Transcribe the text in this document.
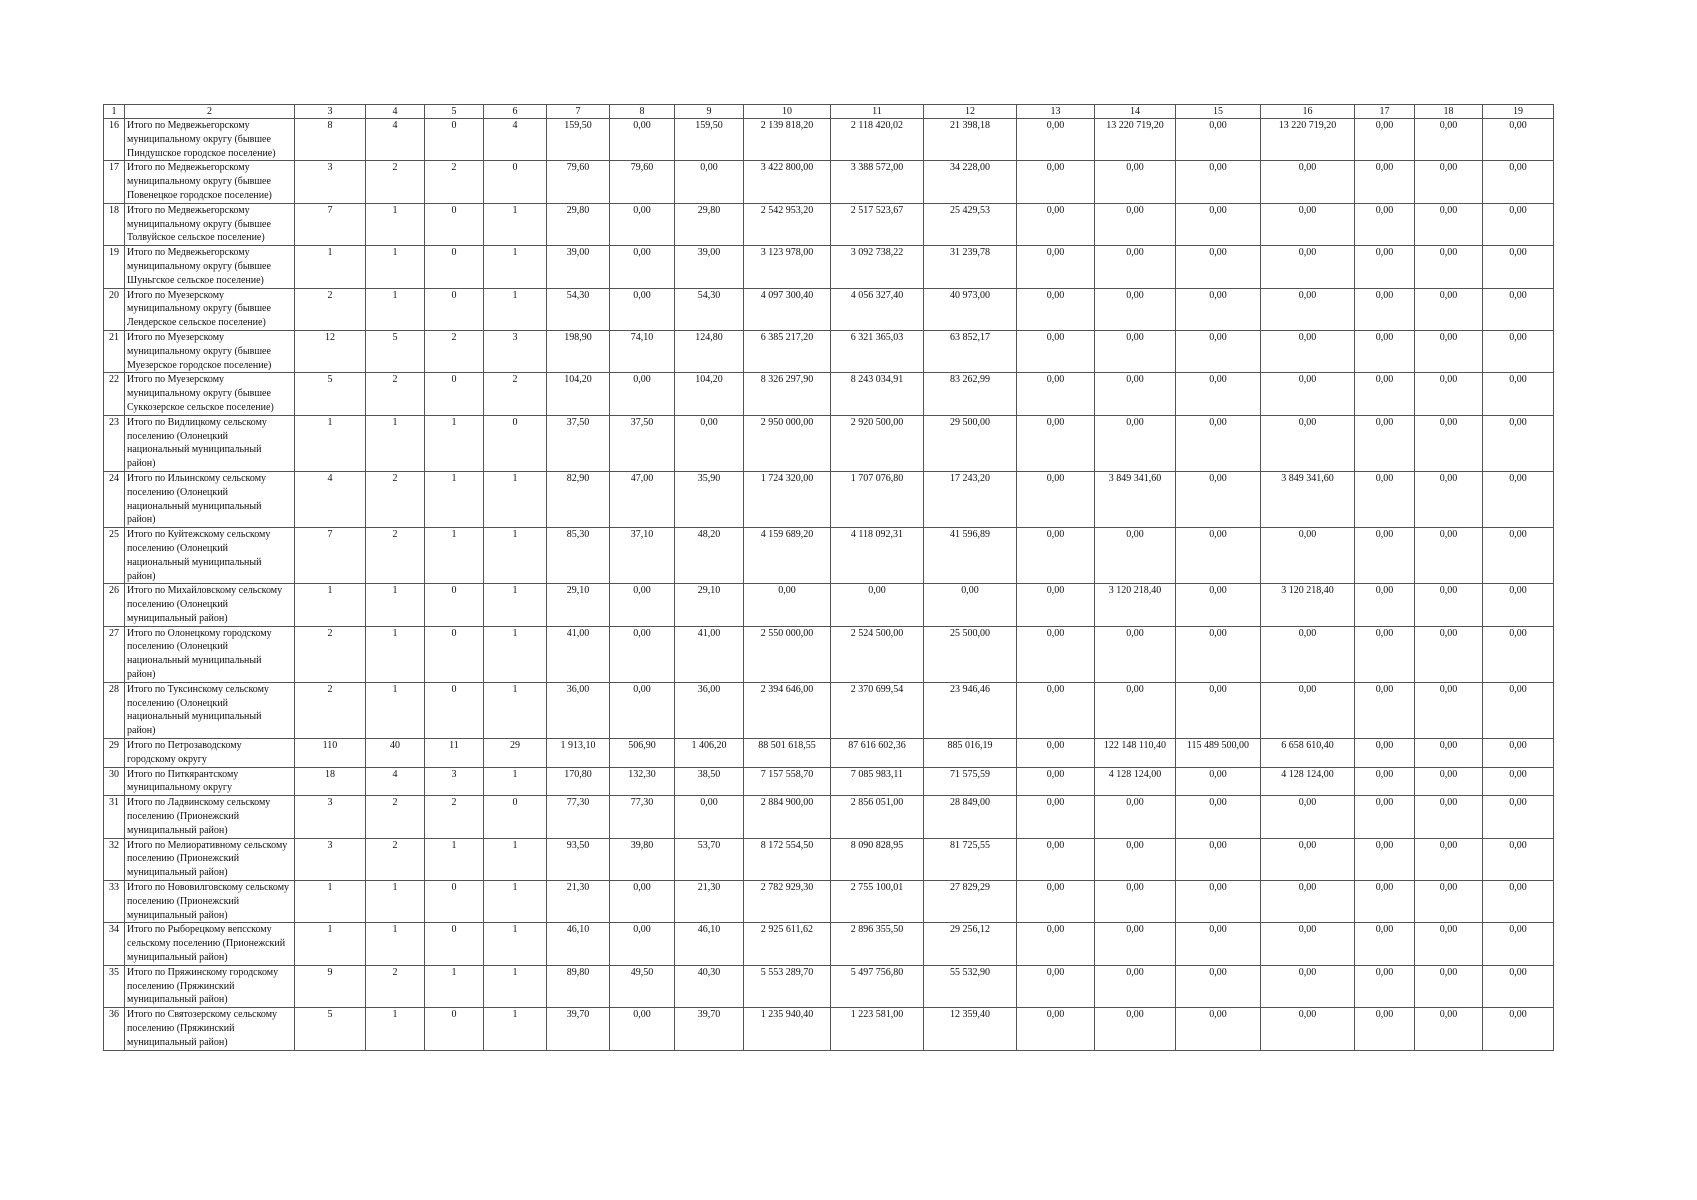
1	2	3	4	5	6	7	8	9	10	11	12	13	14	15	16	17	18	19
16	Итого по Медвежьегорскому муниципальному округу (бывшее Пиндушское городское поселение)	8	4	0	4	159,50	0,00	159,50	2 139 818,20	2 118 420,02	21 398,18	0,00	13 220 719,20	0,00	13 220 719,20	0,00	0,00	0,00
17	Итого по Медвежьегорскому муниципальному округу (бывшее Повенецкое городское поселение)	3	2	2	0	79,60	79,60	0,00	3 422 800,00	3 388 572,00	34 228,00	0,00	0,00	0,00	0,00	0,00	0,00	0,00
18	Итого по Медвежьегорскому муниципальному округу (бывшее Толвуйское сельское поселение)	7	1	0	1	29,80	0,00	29,80	2 542 953,20	2 517 523,67	25 429,53	0,00	0,00	0,00	0,00	0,00	0,00	0,00
19	Итого по Медвежьегорскому муниципальному округу (бывшее Шуньгское сельское поселение)	1	1	0	1	39,00	0,00	39,00	3 123 978,00	3 092 738,22	31 239,78	0,00	0,00	0,00	0,00	0,00	0,00	0,00
20	Итого по Муезерскому муниципальному округу (бывшее Лендерское сельское поселение)	2	1	0	1	54,30	0,00	54,30	4 097 300,40	4 056 327,40	40 973,00	0,00	0,00	0,00	0,00	0,00	0,00	0,00
21	Итого по Муезерскому муниципальному округу (бывшее Муезерское городское поселение)	12	5	2	3	198,90	74,10	124,80	6 385 217,20	6 321 365,03	63 852,17	0,00	0,00	0,00	0,00	0,00	0,00	0,00
22	Итого по Муезерскому муниципальному округу (бывшее Суккозерское сельское поселение)	5	2	0	2	104,20	0,00	104,20	8 326 297,90	8 243 034,91	83 262,99	0,00	0,00	0,00	0,00	0,00	0,00	0,00
23	Итого по Видлицкому сельскому поселению (Олонецкий национальный муниципальный район)	1	1	1	0	37,50	37,50	0,00	2 950 000,00	2 920 500,00	29 500,00	0,00	0,00	0,00	0,00	0,00	0,00	0,00
24	Итого по Ильинскому сельскому поселению (Олонецкий национальный муниципальный район)	4	2	1	1	82,90	47,00	35,90	1 724 320,00	1 707 076,80	17 243,20	0,00	3 849 341,60	0,00	3 849 341,60	0,00	0,00	0,00
25	Итого по Куйтежскому сельскому поселению (Олонецкий национальный муниципальный район)	7	2	1	1	85,30	37,10	48,20	4 159 689,20	4 118 092,31	41 596,89	0,00	0,00	0,00	0,00	0,00	0,00	0,00
26	Итого по Михайловскому сельскому поселению (Олонецкий муниципальный район)	1	1	0	1	29,10	0,00	29,10	0,00	0,00	0,00	0,00	3 120 218,40	0,00	3 120 218,40	0,00	0,00	0,00
27	Итого по Олонецкому городскому поселению (Олонецкий национальный муниципальный район)	2	1	0	1	41,00	0,00	41,00	2 550 000,00	2 524 500,00	25 500,00	0,00	0,00	0,00	0,00	0,00	0,00	0,00
28	Итого по Туксинскому сельскому поселению (Олонецкий национальный муниципальный район)	2	1	0	1	36,00	0,00	36,00	2 394 646,00	2 370 699,54	23 946,46	0,00	0,00	0,00	0,00	0,00	0,00	0,00
29	Итого по Петрозаводскому городскому округу	110	40	11	29	1 913,10	506,90	1 406,20	88 501 618,55	87 616 602,36	885 016,19	0,00	122 148 110,40	115 489 500,00	6 658 610,40	0,00	0,00	0,00
30	Итого по Питкярантскому муниципальному округу	18	4	3	1	170,80	132,30	38,50	7 157 558,70	7 085 983,11	71 575,59	0,00	4 128 124,00	0,00	4 128 124,00	0,00	0,00	0,00
31	Итого по Ладвинскому сельскому поселению (Прионежский муниципальный район)	3	2	2	0	77,30	77,30	0,00	2 884 900,00	2 856 051,00	28 849,00	0,00	0,00	0,00	0,00	0,00	0,00	0,00
32	Итого по Мелиоративному сельскому поселению (Прионежский муниципальный район)	3	2	1	1	93,50	39,80	53,70	8 172 554,50	8 090 828,95	81 725,55	0,00	0,00	0,00	0,00	0,00	0,00	0,00
33	Итого по Нововилговскому сельскому поселению (Прионежский муниципальный район)	1	1	0	1	21,30	0,00	21,30	2 782 929,30	2 755 100,01	27 829,29	0,00	0,00	0,00	0,00	0,00	0,00	0,00
34	Итого по Рыборецкому вепсскому сельскому поселению (Прионежский муниципальный район)	1	1	0	1	46,10	0,00	46,10	2 925 611,62	2 896 355,50	29 256,12	0,00	0,00	0,00	0,00	0,00	0,00	0,00
35	Итого по Пряжинскому городскому поселению (Пряжинский муниципальный район)	9	2	1	1	89,80	49,50	40,30	5 553 289,70	5 497 756,80	55 532,90	0,00	0,00	0,00	0,00	0,00	0,00	0,00
36	Итого по Святозерскому сельскому поселению (Пряжинский муниципальный район)	5	1	0	1	39,70	0,00	39,70	1 235 940,40	1 223 581,00	12 359,40	0,00	0,00	0,00	0,00	0,00	0,00	0,00
